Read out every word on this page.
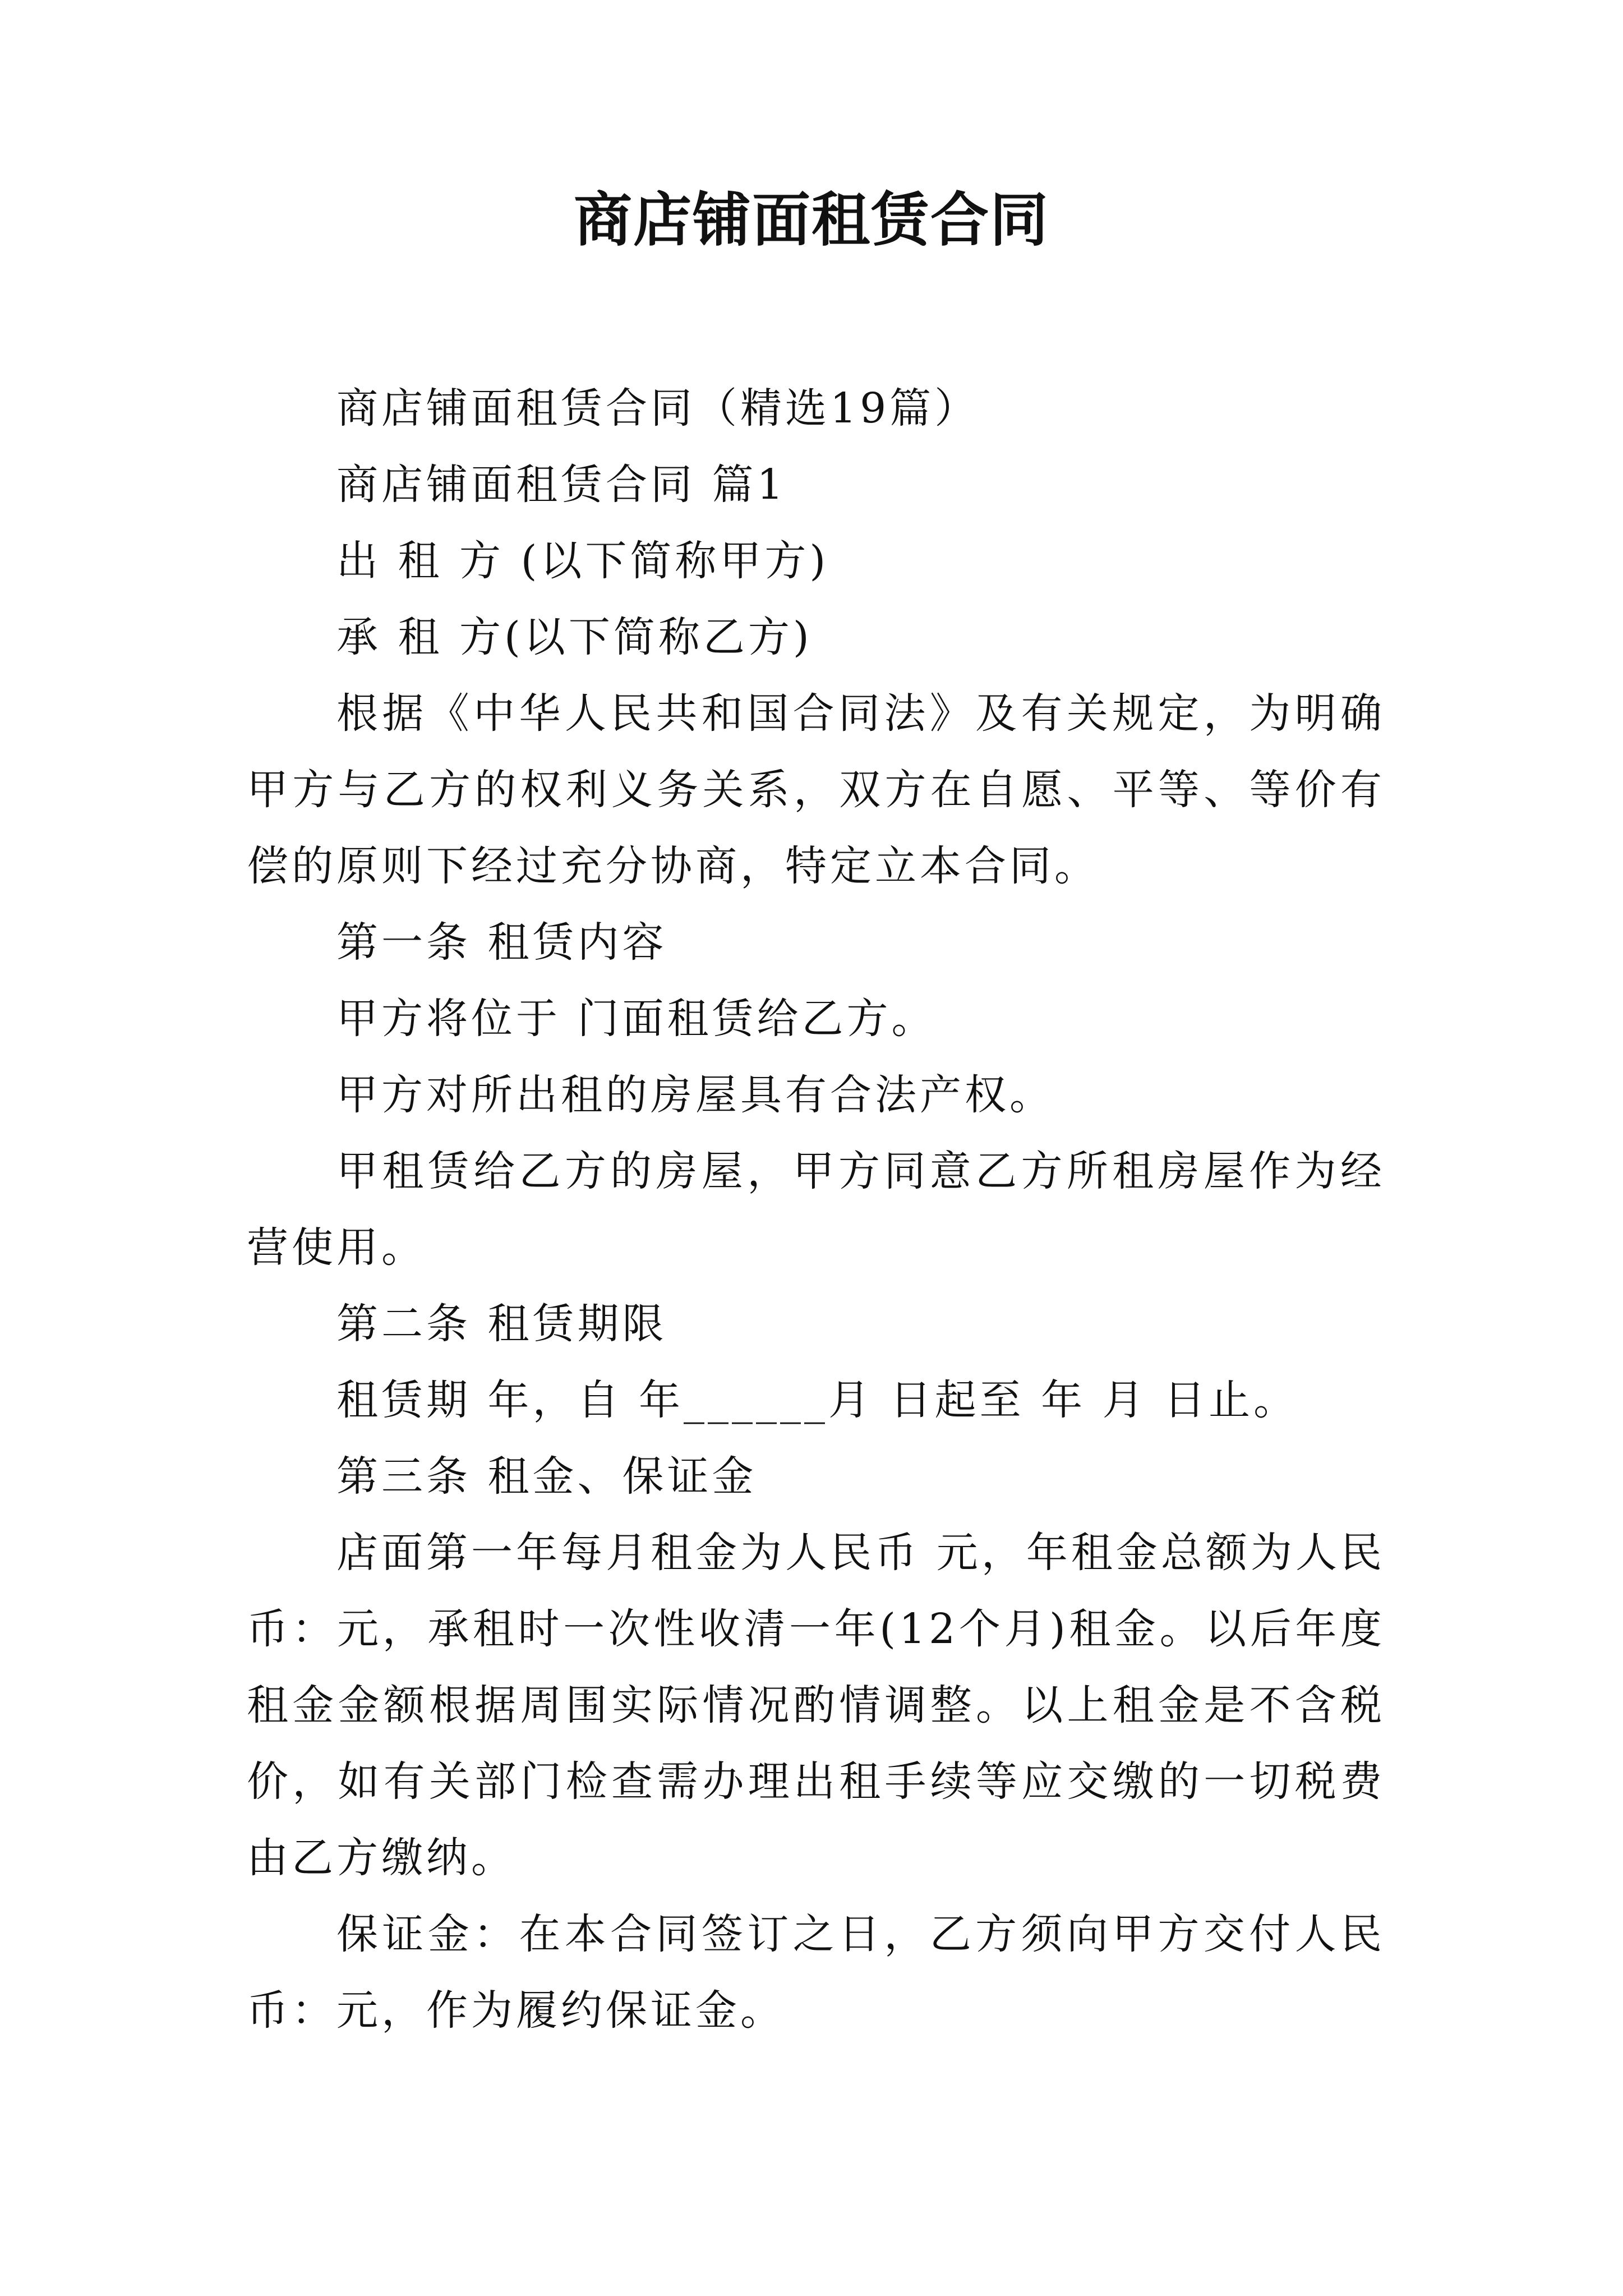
商店铺面租赁合同

商店铺面租赁合同（精选19篇）

商店铺面租赁合同 篇1

出 租 方 (以下简称甲方)

承 租 方(以下简称乙方)

根据《中华人民共和国合同法》及有关规定，为明确甲方与乙方的权利义务关系，双方在自愿、平等、等价有偿的原则下经过充分协商，特定立本合同。

第一条 租赁内容

甲方将位于 门面租赁给乙方。

甲方对所出租的房屋具有合法产权。

甲租赁给乙方的房屋，甲方同意乙方所租房屋作为经营使用。

第二条 租赁期限

租赁期 年，自 年______月 日起至 年 月 日止。

第三条 租金、保证金

店面第一年每月租金为人民币 元，年租金总额为人民币：元，承租时一次性收清一年(12个月)租金。以后年度租金金额根据周围实际情况酌情调整。以上租金是不含税价，如有关部门检查需办理出租手续等应交缴的一切税费由乙方缴纳。

保证金：在本合同签订之日，乙方须向甲方交付人民币：元，作为履约保证金。
